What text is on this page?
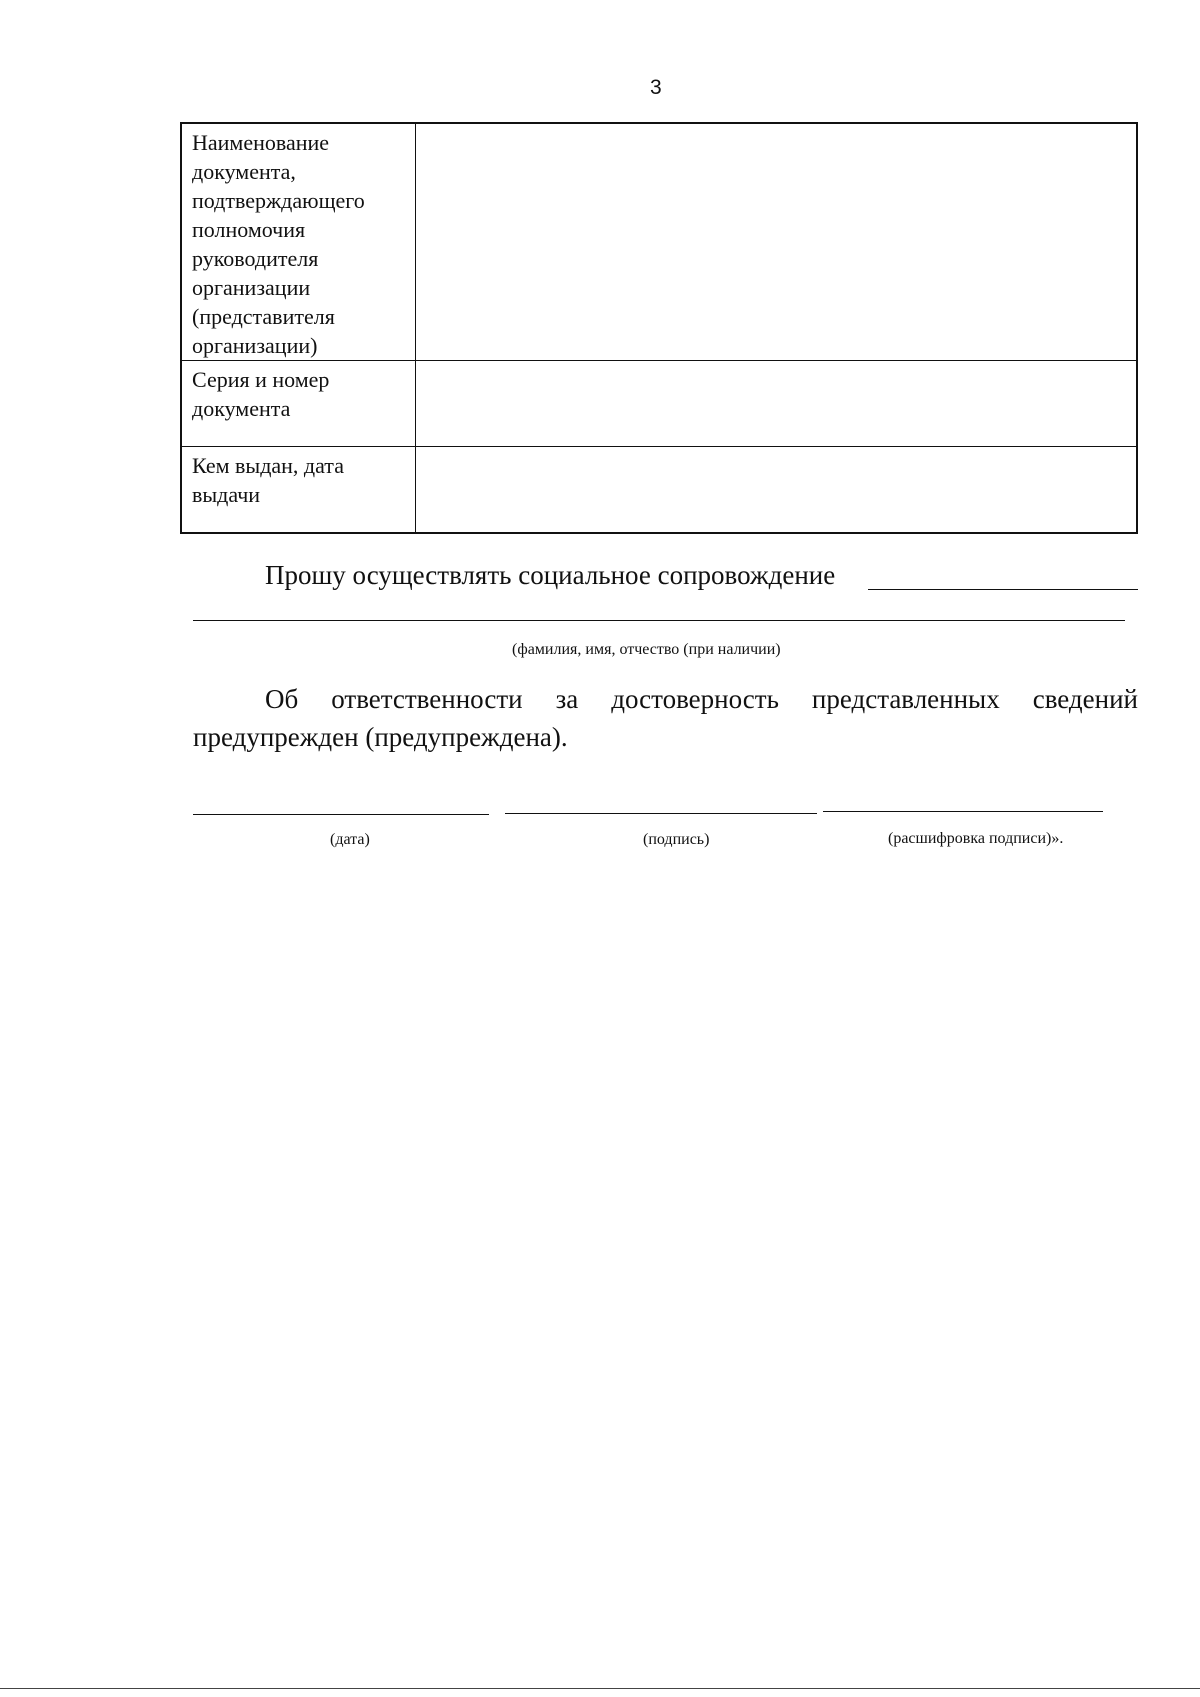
3
Наименование документа, подтверждающего полномочия руководителя организации (представителя организации)	
Серия и номер документа	
Кем выдан, дата выдачи	
Прошу осуществлять социальное сопровождение
(фамилия, имя, отчество (при наличии)
Об ответственности за достоверность представленных сведений
предупрежден (предупреждена).
(дата)	(подпись)	(расшифровка подписи)».
